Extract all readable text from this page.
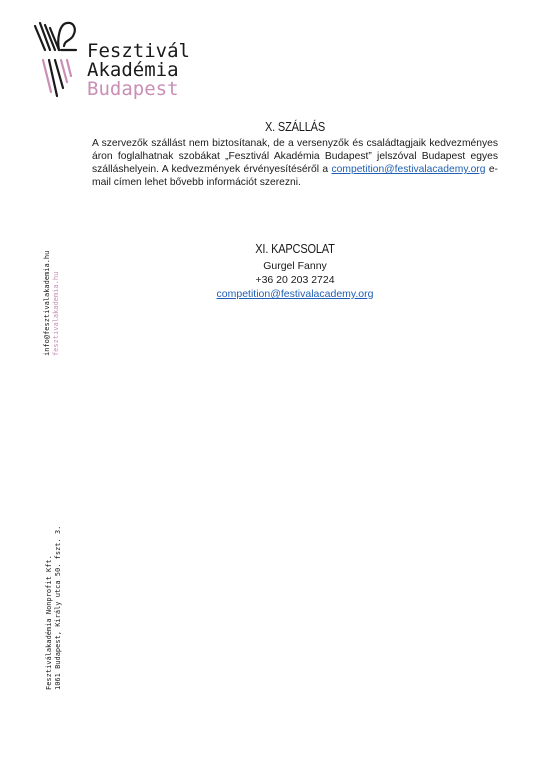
Fesztivál
Akadémia
Budapest
X. SZÁLLÁS

A szervezők szállást nem biztosítanak, de a versenyzők és családtagjaik kedvezményes áron foglalhatnak szobákat „Fesztivál Akadémia Budapest” jelszóval Budapest egyes szálláshelyein. A kedvezmények érvényesítéséről a competition@festivalacademy.org e-mail címen lehet bővebb információt szerezni.

XI. KAPCSOLAT

Gurgel Fanny

+36 20 203 2724

competition@festivalacademy.org

info@fesztivalakademia.hu fesztivalakademia.hu
Fesztiválakadémia Nonprofit Kft. 1061 Budapest, Király utca 50. fszt. 3.
